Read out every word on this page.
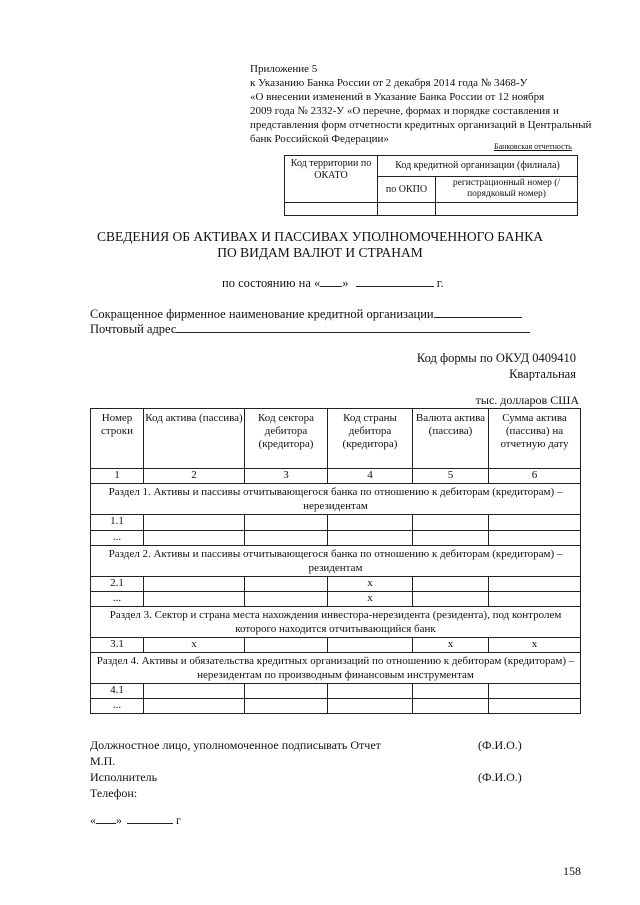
Приложение 5
к Указанию Банка России от 2 декабря 2014 года № 3468-У
«О внесении изменений в Указание Банка России от 12 ноября
2009 года № 2332-У «О перечне, формах и порядке составления и
представления форм отчетности кредитных организаций в Центральный
банк Российской Федерации»
Банковская отчетность
Код территории по ОКАТО	Код кредитной организации (филиала)	
	по ОКПО	регистрационный номер (/порядковый номер)

СВЕДЕНИЯ ОБ АКТИВАХ И ПАССИВАХ УПОЛНОМОЧЕННОГО БАНКА
ПО ВИДАМ ВАЛЮТ И СТРАНАМ
по состоянию на « »	г.
Сокращенное фирменное наименование кредитной организации
Почтовый адрес
Код формы по ОКУД 0409410
Квартальная
тыс. долларов США
Номер строки	Код актива (пассива)	Код сектора дебитора (кредитора)	Код страны дебитора (кредитора)	Валюта актива (пассива)	Сумма актива (пассива) на отчетную дату
1	2	3	4	5	6
Раздел 1. Активы и пассивы отчитывающегося банка по отношению к дебиторам (кредиторам) – нерезидентам					
1.1					
...					
Раздел 2. Активы и пассивы отчитывающегося банка по отношению к дебиторам (кредиторам) – резидентам					
2.1			x		
...			x		
Раздел 3. Сектор и страна места нахождения инвестора-нерезидента (резидента), под контролем которого находится отчитывающийся банк					
3.1	x			x	x
Раздел 4. Активы и обязательства кредитных организаций по отношению к дебиторам (кредиторам) – нерезидентам по производным финансовым инструментам					
4.1					
...					
Должностное лицо, уполномоченное подписывать Отчет	(Ф.И.О.)
М.П.
Исполнитель	(Ф.И.О.)
Телефон:
« »	г
158
